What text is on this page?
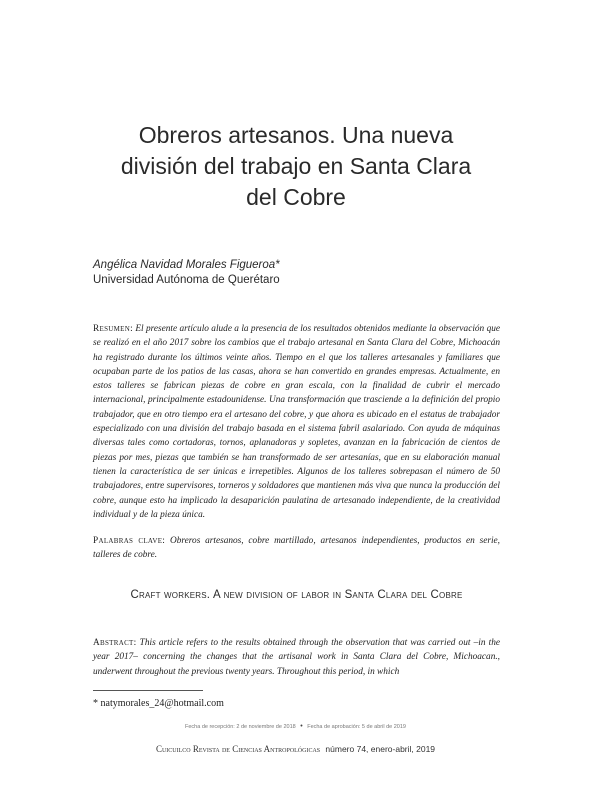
Obreros artesanos. Una nueva
división del trabajo en Santa Clara
del Cobre
Angélica Navidad Morales Figueroa*
Universidad Autónoma de Querétaro
Resumen: El presente artículo alude a la presencia de los resultados obtenidos mediante la observación que se realizó en el año 2017 sobre los cambios que el trabajo artesanal en Santa Clara del Cobre, Michoacán ha registrado durante los últimos veinte años. Tiempo en el que los talleres artesanales y familiares que ocupaban parte de los patios de las casas, ahora se han convertido en grandes empresas. Actualmente, en estos talleres se fabrican piezas de cobre en gran escala, con la finalidad de cubrir el mercado internacional, principalmente estadounidense. Una transformación que trasciende a la definición del propio trabajador, que en otro tiempo era el artesano del cobre, y que ahora es ubicado en el estatus de trabajador especializado con una división del trabajo basada en el sistema fabril asalariado. Con ayuda de máquinas diversas tales como cortadoras, tornos, aplanadoras y sopletes, avanzan en la fabricación de cientos de piezas por mes, piezas que también se han transformado de ser artesanías, que en su elaboración manual tienen la característica de ser únicas e irrepetibles. Algunos de los talleres sobrepasan el número de 50 trabajadores, entre supervisores, torneros y soldadores que mantienen más viva que nunca la producción del cobre, aunque esto ha implicado la desaparición paulatina de artesanado independiente, de la creatividad individual y de la pieza única.
Palabras clave: Obreros artesanos, cobre martillado, artesanos independientes, productos en serie, talleres de cobre.
Craft workers. A new division of labor in Santa Clara del Cobre
Abstract: This article refers to the results obtained through the observation that was carried out –in the year 2017– concerning the changes that the artisanal work in Santa Clara del Cobre, Michoacan., underwent throughout the previous twenty years. Throughout this period, in which
* natymorales_24@hotmail.com
Fecha de recepción: 2 de noviembre de 2018 • Fecha de aprobación: 5 de abril de 2019
Cuicuilco Revista de Ciencias Antropológicas número 74, enero-abril, 2019
